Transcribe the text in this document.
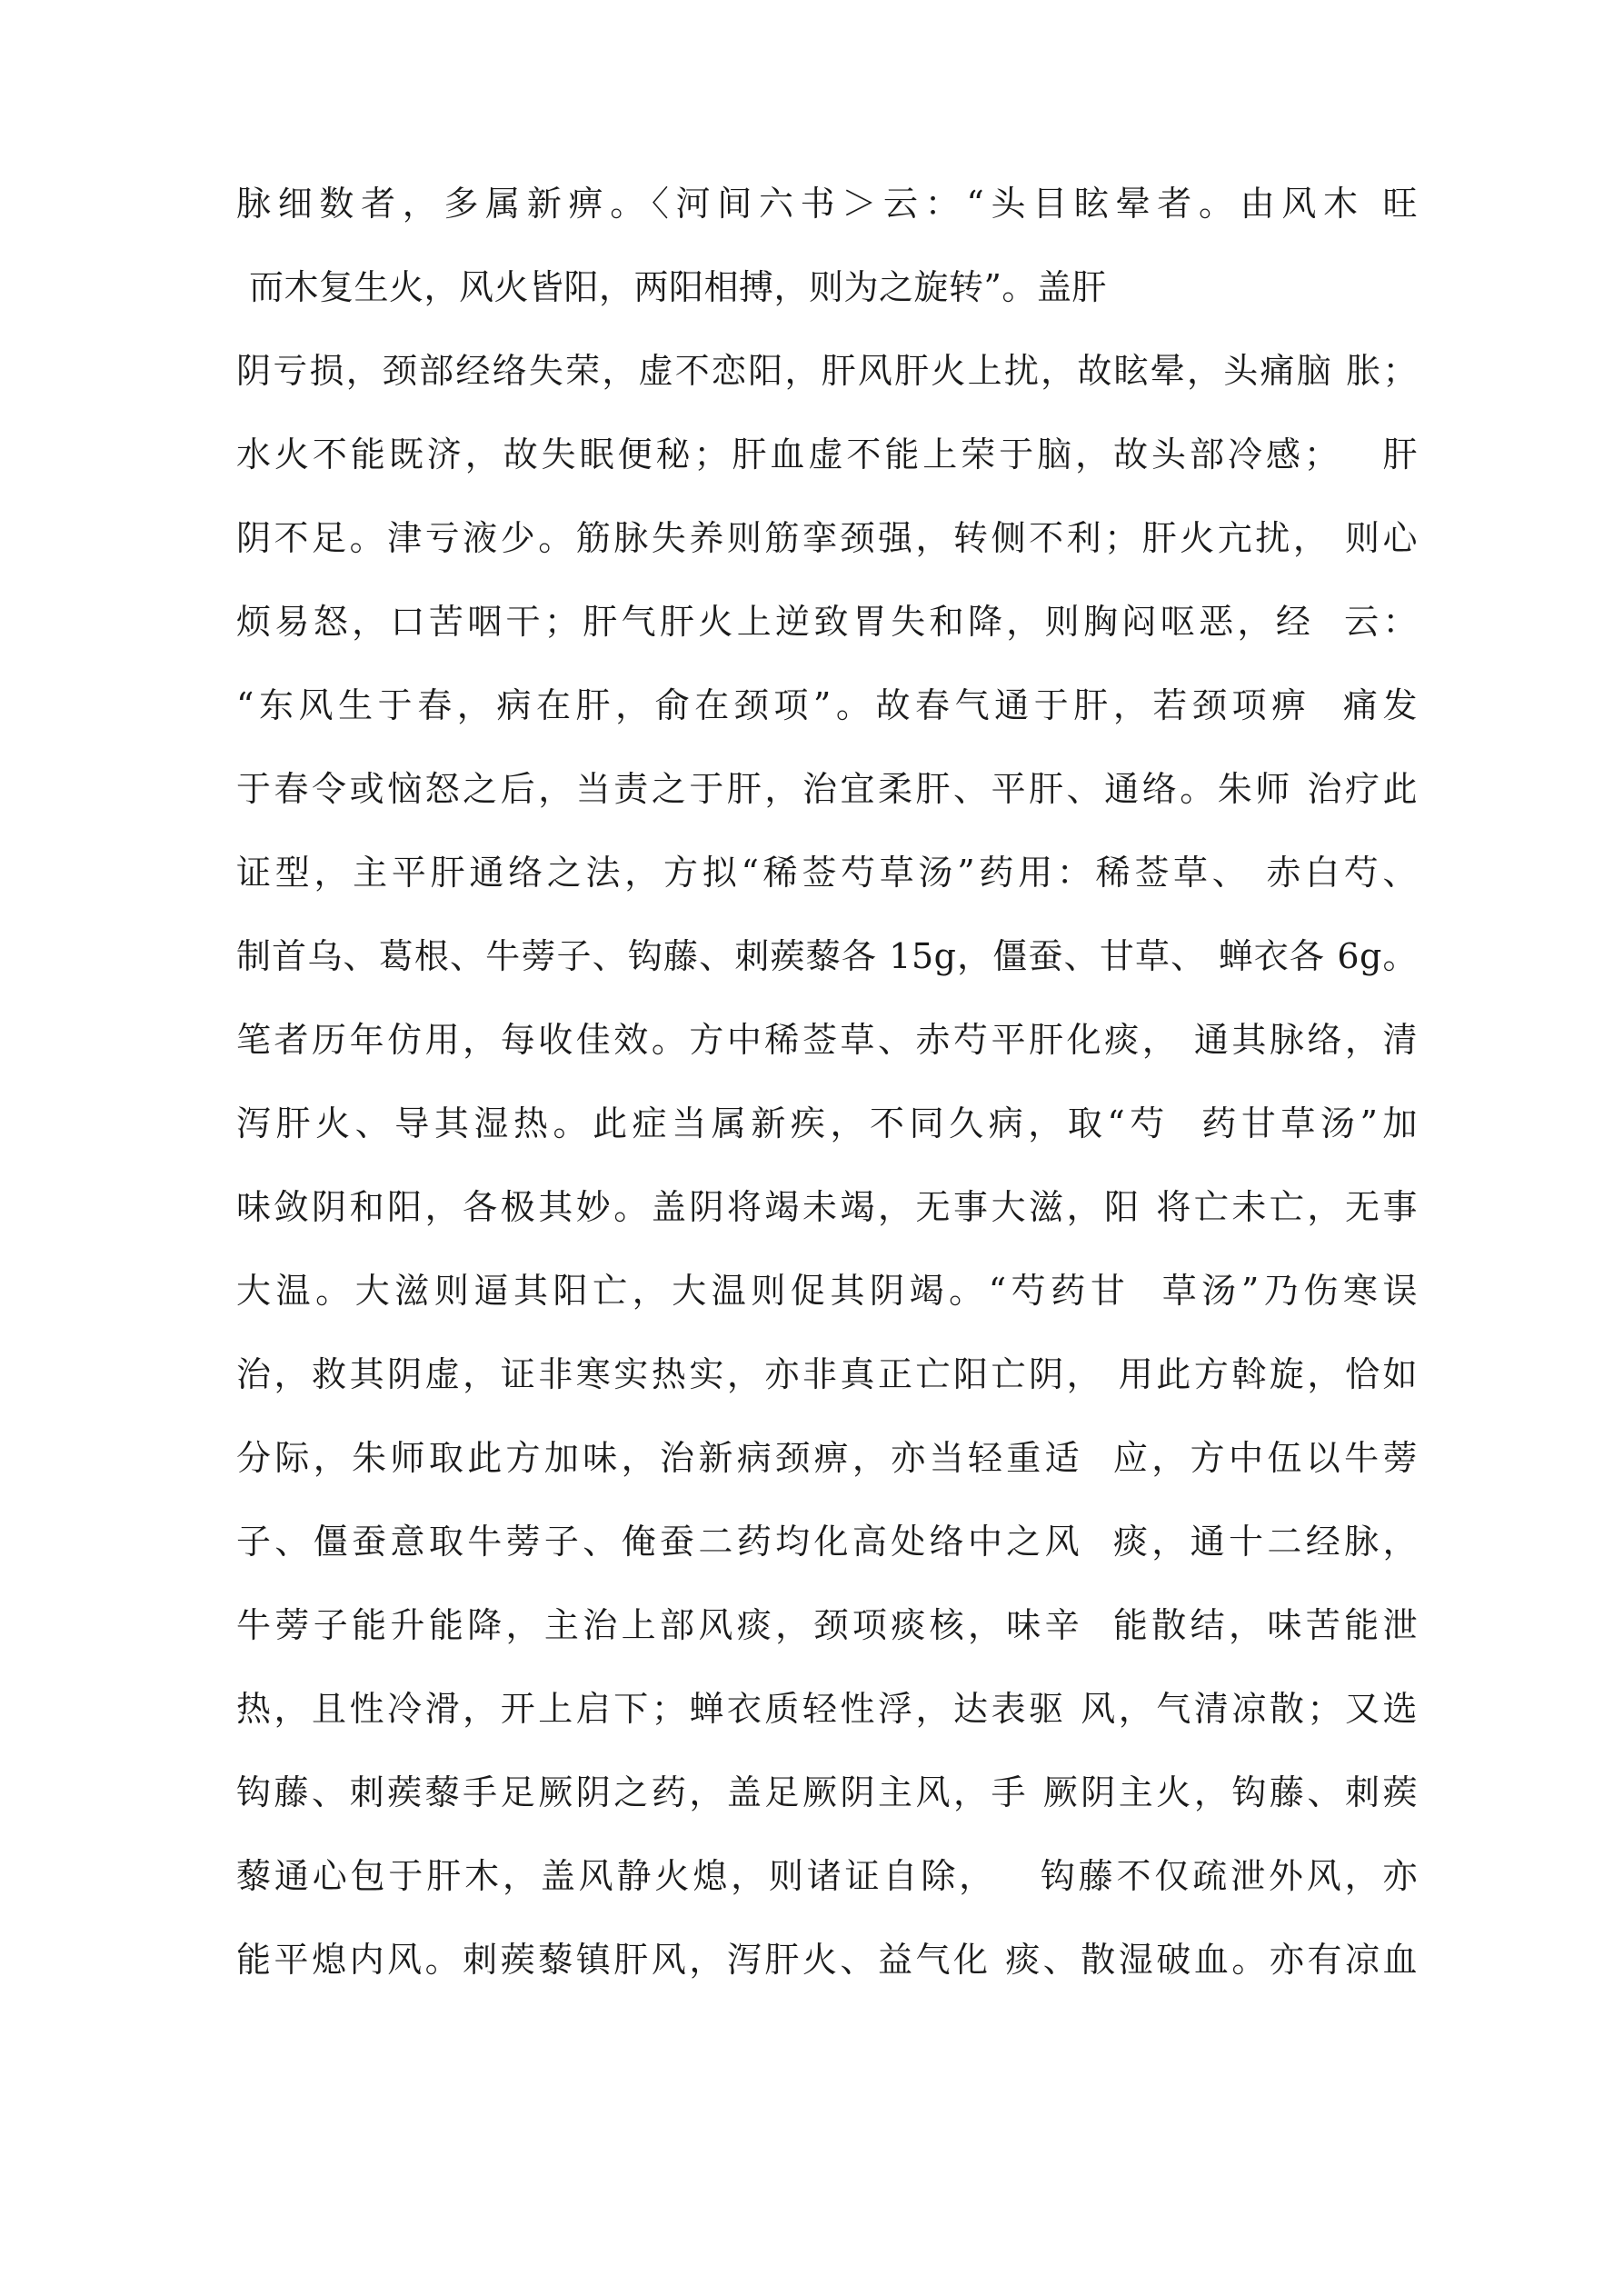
脉细数者，多属新痹。〈河间六书＞云：“头目眩晕者。由风木 旺
而木复生火，风火皆阳，两阳相搏，则为之旋转”。盖肝
阴亏损，颈部经络失荣，虚不恋阳，肝风肝火上扰，故眩晕，头痛脑 胀；
水火不能既济，故失眠便秘；肝血虚不能上荣于脑，故头部冷感；   肝
阴不足。津亏液少。筋脉失养则筋挛颈强，转侧不利；肝火亢扰， 则心
烦易怒，口苦咽干；肝气肝火上逆致胃失和降，则胸闷呕恶，经  云：
“东风生于春，病在肝，俞在颈项”。故春气通于肝，若颈项痹  痛发
于春令或恼怒之后，当责之于肝，治宜柔肝、平肝、通络。朱师 治疗此
证型，主平肝通络之法，方拟“稀莶芍草汤”药用：稀莶草、 赤白芍、
制首乌、葛根、牛蒡子、钩藤、刺蒺藜各 15g，僵蚕、甘草、 蝉衣各 6g。
笔者历年仿用，每收佳效。方中稀莶草、赤芍平肝化痰， 通其脉络，清
泻肝火、导其湿热。此症当属新疾，不同久病，取“芍  药甘草汤”加
味敛阴和阳，各极其妙。盖阴将竭未竭，无事大滋，阳 将亡未亡，无事
大温。大滋则逼其阳亡，大温则促其阴竭。“芍药甘  草汤”乃伤寒误
治，救其阴虚，证非寒实热实，亦非真正亡阳亡阴， 用此方斡旋，恰如
分际，朱师取此方加味，治新病颈痹，亦当轻重适  应，方中伍以牛蒡
子、僵蚕意取牛蒡子、俺蚕二药均化高处络中之风  痰，通十二经脉，
牛蒡子能升能降，主治上部风痰，颈项痰核，味辛  能散结，味苦能泄
热，且性冷滑，开上启下；蝉衣质轻性浮，达表驱 风，气清凉散；又选
钩藤、刺蒺藜手足厥阴之药，盖足厥阴主风，手 厥阴主火，钩藤、刺蒺
藜通心包于肝木，盖风静火熄，则诸证自除，   钩藤不仅疏泄外风，亦
能平熄内风。刺蒺藜镇肝风，泻肝火、益气化 痰、散湿破血。亦有凉血
